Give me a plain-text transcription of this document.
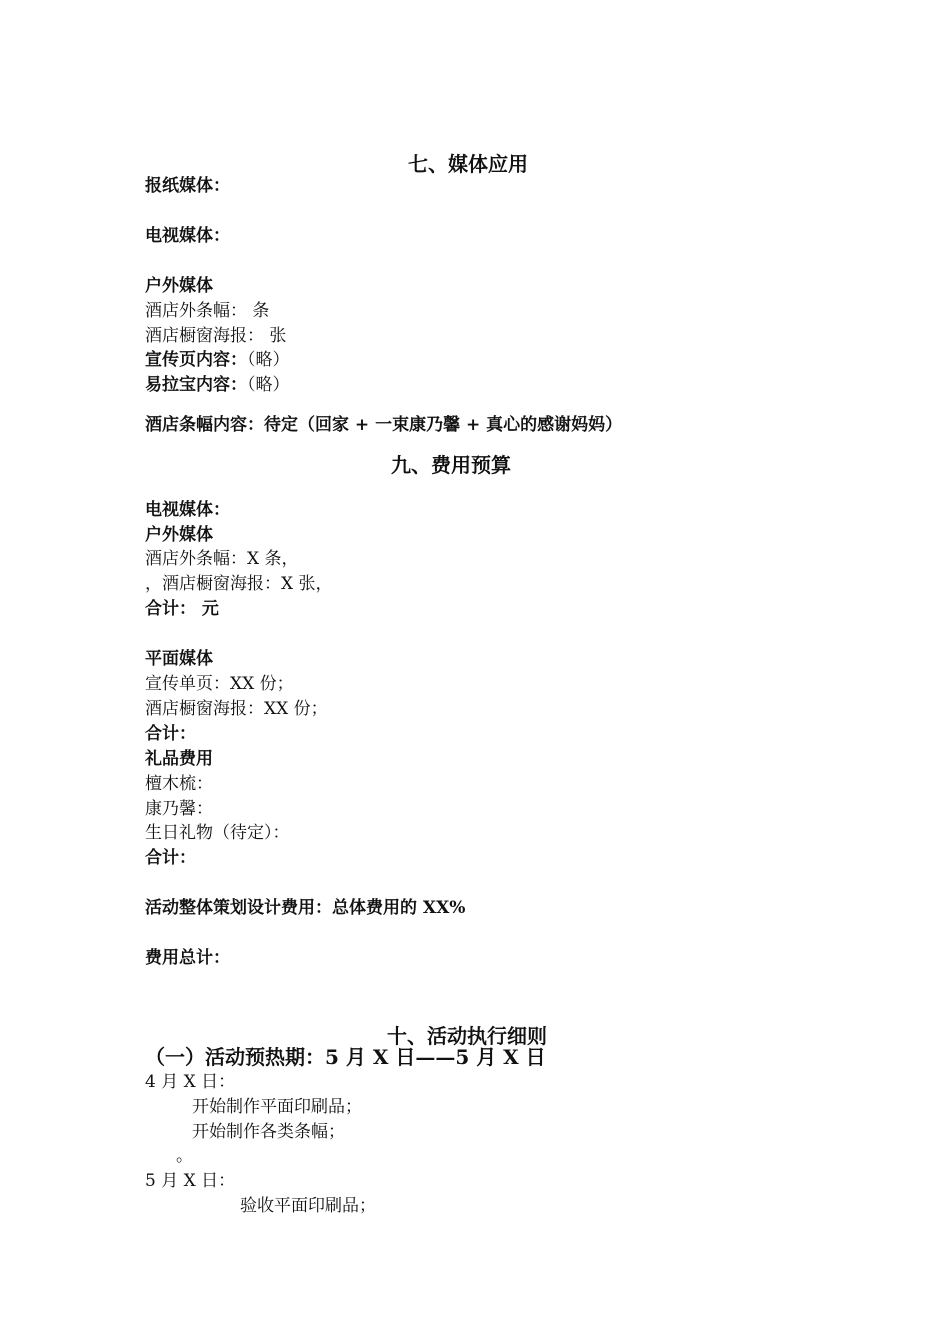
七、媒体应用
报纸媒体：
电视媒体：
户外媒体
酒店外条幅： 条
酒店橱窗海报： 张
宣传页内容：（略）
易拉宝内容：（略）
酒店条幅内容：待定（回家 + 一束康乃馨 + 真心的感谢妈妈）
九、费用预算
电视媒体：
户外媒体
酒店外条幅：X 条，
，酒店橱窗海报：X 张，
合计： 元
平面媒体
宣传单页：XX 份；
酒店橱窗海报：XX 份；
合计：
礼品费用
檀木梳：
康乃馨：
生日礼物（待定）：
合计：
活动整体策划设计费用：总体费用的 XX%
费用总计：
十、活动执行细则
（一）活动预热期：5 月 X 日——5 月 X 日
4 月 X 日：
开始制作平面印刷品；
开始制作各类条幅；
。
5 月 X 日：
验收平面印刷品；
